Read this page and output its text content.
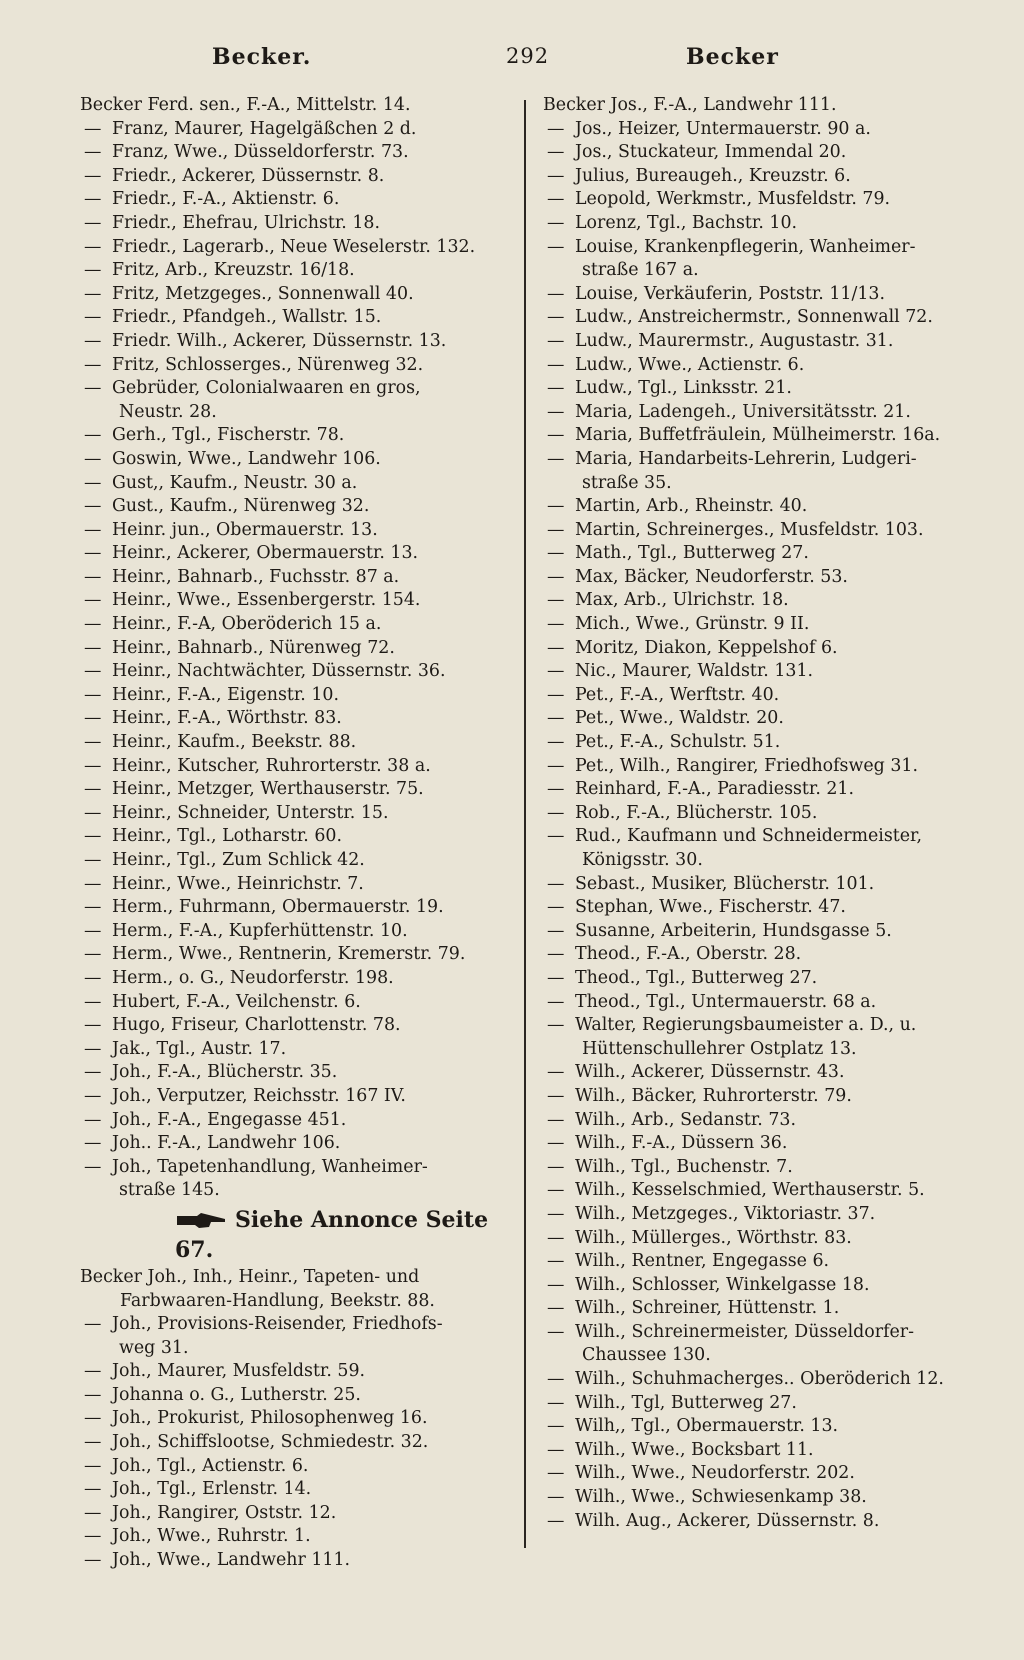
Becker.	292	Becker
Becker Ferd. sen., F.-A., Mittelstr. 14.
— Franz, Maurer, Hagelgäßchen 2 d.
— Franz, Wwe., Düsseldorferstr. 73.
— Friedr., Ackerer, Düssernstr. 8.
— Friedr., F.-A., Aktienstr. 6.
— Friedr., Ehefrau, Ulrichstr. 18.
— Friedr., Lagerarb., Neue Weselerstr. 132.
— Fritz, Arb., Kreuzstr. 16/18.
— Fritz, Metzgeges., Sonnenwall 40.
— Friedr., Pfandgeh., Wallstr. 15.
— Friedr. Wilh., Ackerer, Düssernstr. 13.
— Fritz, Schlosserges., Nürenweg 32.
— Gebrüder, Colonialwaaren en gros,
Neustr. 28.
— Gerh., Tgl., Fischerstr. 78.
— Goswin, Wwe., Landwehr 106.
— Gust,, Kaufm., Neustr. 30 a.
— Gust., Kaufm., Nürenweg 32.
— Heinr. jun., Obermauerstr. 13.
— Heinr., Ackerer, Obermauerstr. 13.
— Heinr., Bahnarb., Fuchsstr. 87 a.
— Heinr., Wwe., Essenbergerstr. 154.
— Heinr., F.-A, Oberöderich 15 a.
— Heinr., Bahnarb., Nürenweg 72.
— Heinr., Nachtwächter, Düssernstr. 36.
— Heinr., F.-A., Eigenstr. 10.
— Heinr., F.-A., Wörthstr. 83.
— Heinr., Kaufm., Beekstr. 88.
— Heinr., Kutscher, Ruhrorterstr. 38 a.
— Heinr., Metzger, Werthauserstr. 75.
— Heinr., Schneider, Unterstr. 15.
— Heinr., Tgl., Lotharstr. 60.
— Heinr., Tgl., Zum Schlick 42.
— Heinr., Wwe., Heinrichstr. 7.
— Herm., Fuhrmann, Obermauerstr. 19.
— Herm., F.-A., Kupferhüttenstr. 10.
— Herm., Wwe., Rentnerin, Kremerstr. 79.
— Herm., o. G., Neudorferstr. 198.
— Hubert, F.-A., Veilchenstr. 6.
— Hugo, Friseur, Charlottenstr. 78.
— Jak., Tgl., Austr. 17.
— Joh., F.-A., Blücherstr. 35.
— Joh., Verputzer, Reichsstr. 167 IV.
— Joh., F.-A., Engegasse 451.
— Joh.. F.-A., Landwehr 106.
— Joh., Tapetenhandlung, Wanheimer-
straße 145.
Siehe Annonce Seite 67.
Becker Joh., Inh., Heinr., Tapeten- und
Farbwaaren-Handlung, Beekstr. 88.
— Joh., Provisions-Reisender, Friedhofs-
weg 31.
— Joh., Maurer, Musfeldstr. 59.
— Johanna o. G., Lutherstr. 25.
— Joh., Prokurist, Philosophenweg 16.
— Joh., Schiffslootse, Schmiedestr. 32.
— Joh., Tgl., Actienstr. 6.
— Joh., Tgl., Erlenstr. 14.
— Joh., Rangirer, Oststr. 12.
— Joh., Wwe., Ruhrstr. 1.
— Joh., Wwe., Landwehr 111.
Becker Jos., F.-A., Landwehr 111.
— Jos., Heizer, Untermauerstr. 90 a.
— Jos., Stuckateur, Immendal 20.
— Julius, Bureaugeh., Kreuzstr. 6.
— Leopold, Werkmstr., Musfeldstr. 79.
— Lorenz, Tgl., Bachstr. 10.
— Louise, Krankenpflegerin, Wanheimer-
straße 167 a.
— Louise, Verkäuferin, Poststr. 11/13.
— Ludw., Anstreichermstr., Sonnenwall 72.
— Ludw., Maurermstr., Augustastr. 31.
— Ludw., Wwe., Actienstr. 6.
— Ludw., Tgl., Linksstr. 21.
— Maria, Ladengeh., Universitätsstr. 21.
— Maria, Buffetfräulein, Mülheimerstr. 16a.
— Maria, Handarbeits-Lehrerin, Ludgeri-
straße 35.
— Martin, Arb., Rheinstr. 40.
— Martin, Schreinerges., Musfeldstr. 103.
— Math., Tgl., Butterweg 27.
— Max, Bäcker, Neudorferstr. 53.
— Max, Arb., Ulrichstr. 18.
— Mich., Wwe., Grünstr. 9 II.
— Moritz, Diakon, Keppelshof 6.
— Nic., Maurer, Waldstr. 131.
— Pet., F.-A., Werftstr. 40.
— Pet., Wwe., Waldstr. 20.
— Pet., F.-A., Schulstr. 51.
— Pet., Wilh., Rangirer, Friedhofsweg 31.
— Reinhard, F.-A., Paradiesstr. 21.
— Rob., F.-A., Blücherstr. 105.
— Rud., Kaufmann und Schneidermeister,
Königsstr. 30.
— Sebast., Musiker, Blücherstr. 101.
— Stephan, Wwe., Fischerstr. 47.
— Susanne, Arbeiterin, Hundsgasse 5.
— Theod., F.-A., Oberstr. 28.
— Theod., Tgl., Butterweg 27.
— Theod., Tgl., Untermauerstr. 68 a.
— Walter, Regierungsbaumeister a. D., u.
Hüttenschullehrer Ostplatz 13.
— Wilh., Ackerer, Düssernstr. 43.
— Wilh., Bäcker, Ruhrorterstr. 79.
— Wilh., Arb., Sedanstr. 73.
— Wilh., F.-A., Düssern 36.
— Wilh., Tgl., Buchenstr. 7.
— Wilh., Kesselschmied, Werthauserstr. 5.
— Wilh., Metzgeges., Viktoriastr. 37.
— Wilh., Müllerges., Wörthstr. 83.
— Wilh., Rentner, Engegasse 6.
— Wilh., Schlosser, Winkelgasse 18.
— Wilh., Schreiner, Hüttenstr. 1.
— Wilh., Schreinermeister, Düsseldorfer-
Chaussee 130.
— Wilh., Schuhmacherges.. Oberöderich 12.
— Wilh., Tgl, Butterweg 27.
— Wilh,, Tgl., Obermauerstr. 13.
— Wilh., Wwe., Bocksbart 11.
— Wilh., Wwe., Neudorferstr. 202.
— Wilh., Wwe., Schwiesenkamp 38.
— Wilh. Aug., Ackerer, Düssernstr. 8.
